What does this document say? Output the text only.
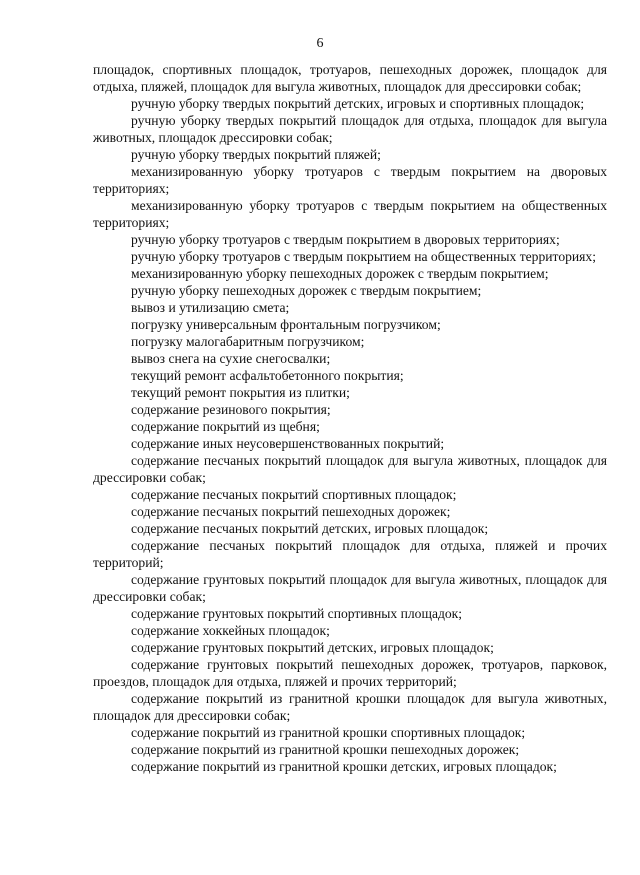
6

площадок, спортивных площадок, тротуаров, пешеходных дорожек, площадок для отдыха, пляжей, площадок для выгула животных, площадок для дрессировки собак;

ручную уборку твердых покрытий детских, игровых и спортивных площадок;

ручную уборку твердых покрытий площадок для отдыха, площадок для выгула животных, площадок дрессировки собак;

ручную уборку твердых покрытий пляжей;

механизированную уборку тротуаров с твердым покрытием на дворовых территориях;

механизированную уборку тротуаров с твердым покрытием на общественных территориях;

ручную уборку тротуаров с твердым покрытием в дворовых территориях;

ручную уборку тротуаров с твердым покрытием на общественных территориях;

механизированную уборку пешеходных дорожек с твердым покрытием;

ручную уборку пешеходных дорожек с твердым покрытием;

вывоз и утилизацию смета;

погрузку универсальным фронтальным погрузчиком;

погрузку малогабаритным погрузчиком;

вывоз снега на сухие снегосвалки;

текущий ремонт асфальтобетонного покрытия;

текущий ремонт покрытия из плитки;

содержание резинового покрытия;

содержание покрытий из щебня;

содержание иных неусовершенствованных покрытий;

содержание песчаных покрытий площадок для выгула животных, площадок для дрессировки собак;

содержание песчаных покрытий спортивных площадок;

содержание песчаных покрытий пешеходных дорожек;

содержание песчаных покрытий детских, игровых площадок;

содержание песчаных покрытий площадок для отдыха, пляжей и прочих территорий;

содержание грунтовых покрытий площадок для выгула животных, площадок для дрессировки собак;

содержание грунтовых покрытий спортивных площадок;

содержание хоккейных площадок;

содержание грунтовых покрытий детских, игровых площадок;

содержание грунтовых покрытий пешеходных дорожек, тротуаров, парковок, проездов, площадок для отдыха, пляжей и прочих территорий;

содержание покрытий из гранитной крошки площадок для выгула животных, площадок для дрессировки собак;

содержание покрытий из гранитной крошки спортивных площадок;

содержание покрытий из гранитной крошки пешеходных дорожек;

содержание покрытий из гранитной крошки детских, игровых площадок;
